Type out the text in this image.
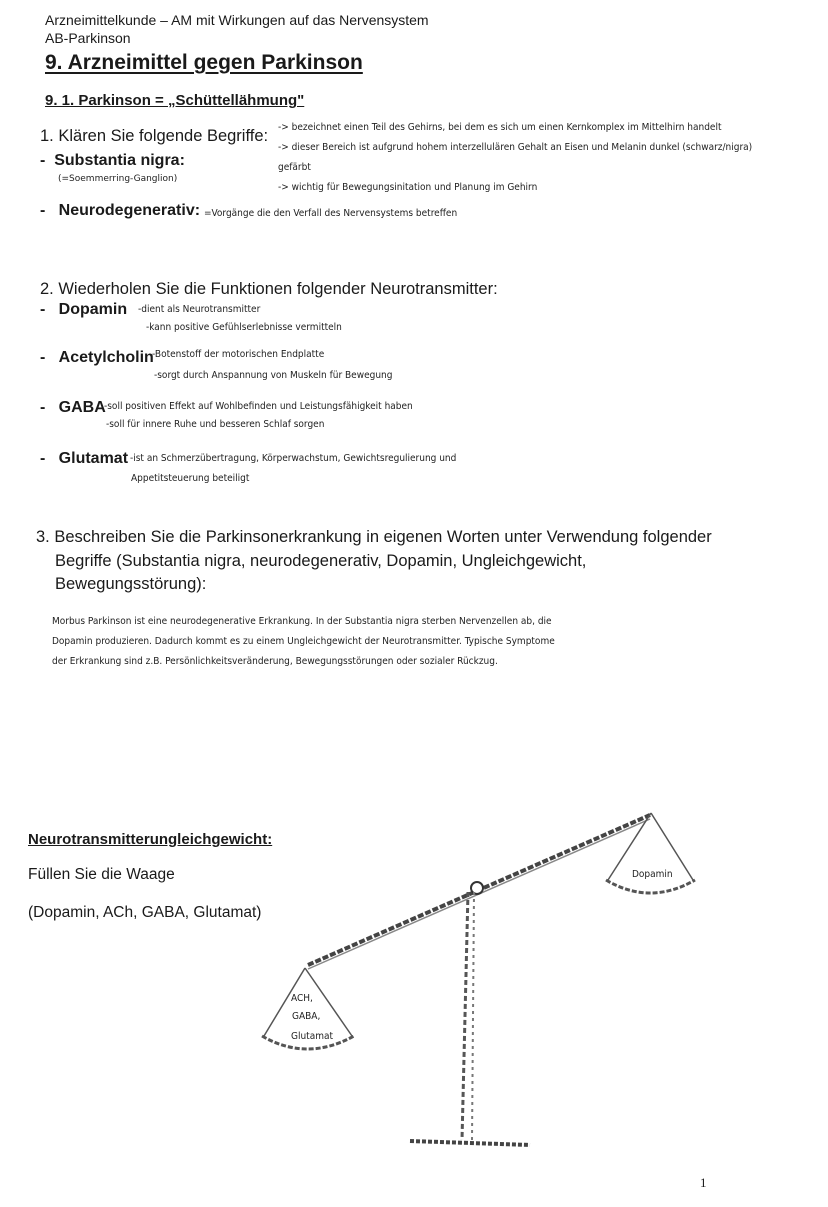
Arzneimittelkunde – AM mit Wirkungen auf das Nervensystem
AB-Parkinson
9. Arzneimittel gegen Parkinson
9. 1. Parkinson = „Schüttellähmung"
1. Klären Sie folgende Begriffe: -> bezeichnet einen Teil des Gehirns, bei dem es sich um einen Kernkomplex im Mittelhirn handelt
-> dieser Bereich ist aufgrund hohem interzellulären Gehalt an Eisen und Melanin dunkel (schwarz/nigra)
-  Substantia nigra:	gefärbt
(=Soemmerring-Ganglion)
-> wichtig für Bewegungsinitation und Planung im Gehirn
-   Neurodegenerativ: =Vorgänge die den Verfall des Nervensystems betreffen
2. Wiederholen Sie die Funktionen folgender Neurotransmitter:
-   Dopamin -dient als Neurotransmitter
-kann positive Gefühlserlebnisse vermitteln
-   Acetylcholin
-Botenstoff der motorischen Endplatte
-sorgt durch Anspannung von Muskeln für Bewegung
-   GABA
-soll positiven Effekt auf Wohlbefinden und Leistungsfähigkeit haben
-soll für innere Ruhe und besseren Schlaf sorgen
-   Glutamat -ist an Schmerzübertragung, Körperwachstum, Gewichtsregulierung und
Appetitsteuerung beteiligt
3. Beschreiben Sie die Parkinsonerkrankung in eigenen Worten unter Verwendung folgender
Begriffe (Substantia nigra, neurodegenerativ, Dopamin, Ungleichgewicht,
Bewegungsstörung):
Morbus Parkinson ist eine neurodegenerative Erkrankung. In der Substantia nigra sterben Nervenzellen ab, die
Dopamin produzieren. Dadurch kommt es zu einem Ungleichgewicht der Neurotransmitter. Typische Symptome
der Erkrankung sind z.B. Persönlichkeitsveränderung, Bewegungsstörungen oder sozialer Rückzug.
Neurotransmitterungleichgewicht:
Füllen Sie die Waage
(Dopamin, ACh, GABA, Glutamat)
ACH,
GABA,
Glutamat
Dopamin
1
